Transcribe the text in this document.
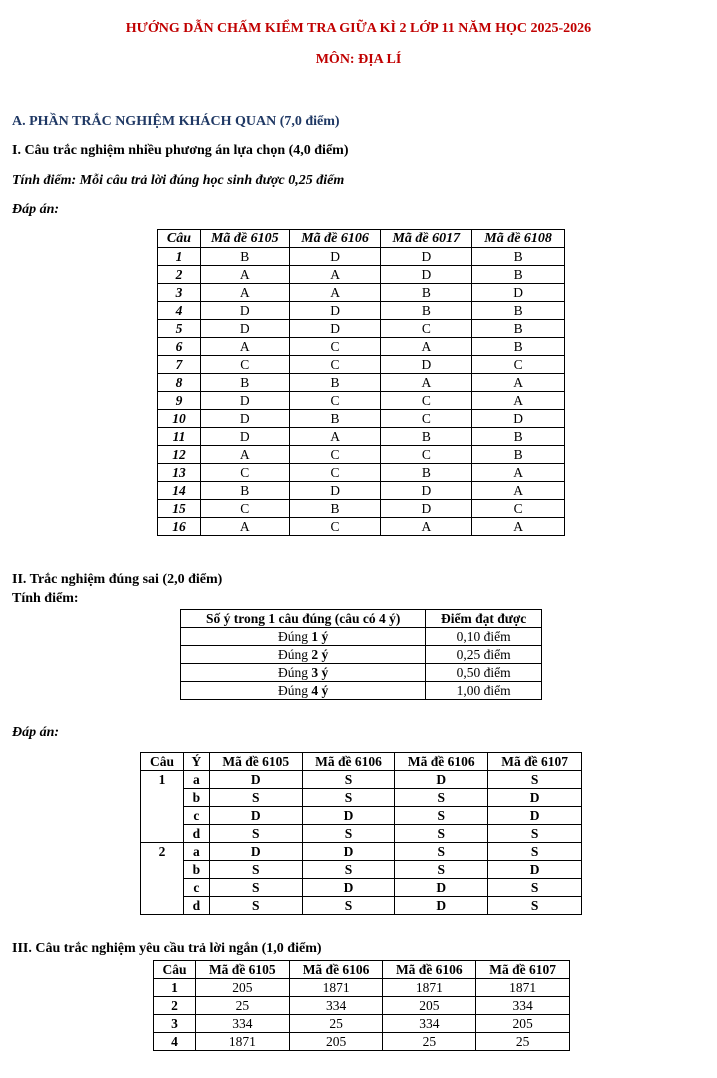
HƯỚNG DẪN CHẤM KIỂM TRA GIỮA KÌ 2 LỚP 11 NĂM HỌC 2025-2026
MÔN: ĐỊA LÍ
A. PHẦN TRẮC NGHIỆM KHÁCH QUAN (7,0 điểm)
I. Câu trắc nghiệm nhiều phương án lựa chọn (4,0 điểm)
Tính điểm: Mỗi câu trả lời đúng học sinh được 0,25 điểm
Đáp án:
Câu	Mã đề 6105	Mã đề 6106	Mã đề 6017	Mã đề 6108
1	B	D	D	B
2	A	A	D	B
3	A	A	B	D
4	D	D	B	B
5	D	D	C	B
6	A	C	A	B
7	C	C	D	C
8	B	B	A	A
9	D	C	C	A
10	D	B	C	D
11	D	A	B	B
12	A	C	C	B
13	C	C	B	A
14	B	D	D	A
15	C	B	D	C
16	A	C	A	A
II. Trắc nghiệm đúng sai (2,0 điểm)
Tính điểm:
Số ý trong 1 câu đúng (câu có 4 ý)	Điểm đạt được
Đúng 1 ý	0,10 điểm
Đúng 2 ý	0,25 điểm
Đúng 3 ý	0,50 điểm
Đúng 4 ý	1,00 điểm
Đáp án:
Câu	Ý	Mã đề 6105	Mã đề 6106	Mã đề 6106	Mã đề 6107
1	a	D	S	D	S
	b	S	S	S	D
	c	D	D	S	D
	d	S	S	S	S
2	a	D	D	S	S
	b	S	S	S	D
	c	S	D	D	S
	d	S	S	D	S
III. Câu trắc nghiệm yêu cầu trả lời ngắn (1,0 điểm)
Câu	Mã đề 6105	Mã đề 6106	Mã đề 6106	Mã đề 6107
1	205	1871	1871	1871
2	25	334	205	334
3	334	25	334	205
4	1871	205	25	25
